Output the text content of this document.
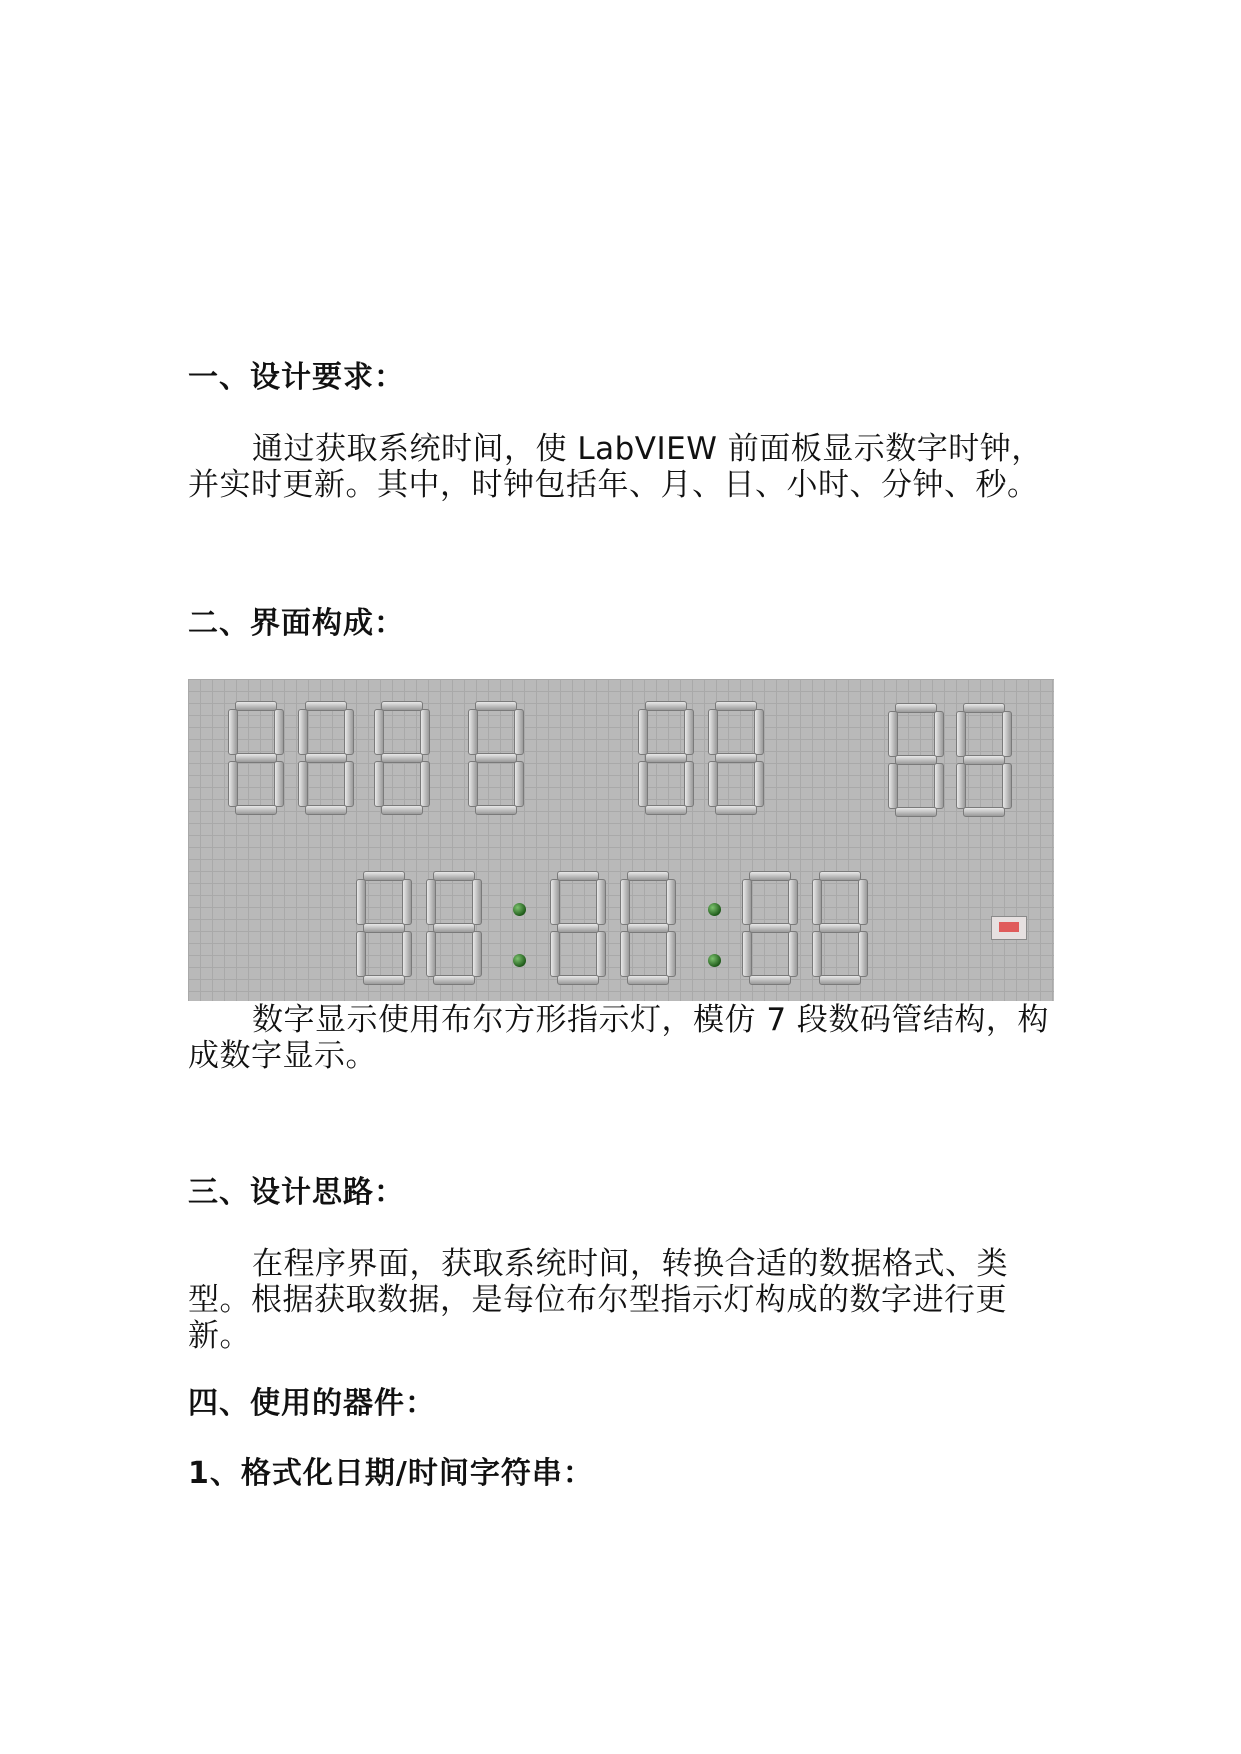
一、设计要求：
通过获取系统时间，使 LabVIEW 前面板显示数字时钟，并实时更新。其中，时钟包括年、月、日、小时、分钟、秒。
二、界面构成：
数字显示使用布尔方形指示灯，模仿 7 段数码管结构，构成数字显示。
三、设计思路：
在程序界面，获取系统时间，转换合适的数据格式、类型。根据获取数据，是每位布尔型指示灯构成的数字进行更新。
四、使用的器件：
1、格式化日期/时间字符串：
